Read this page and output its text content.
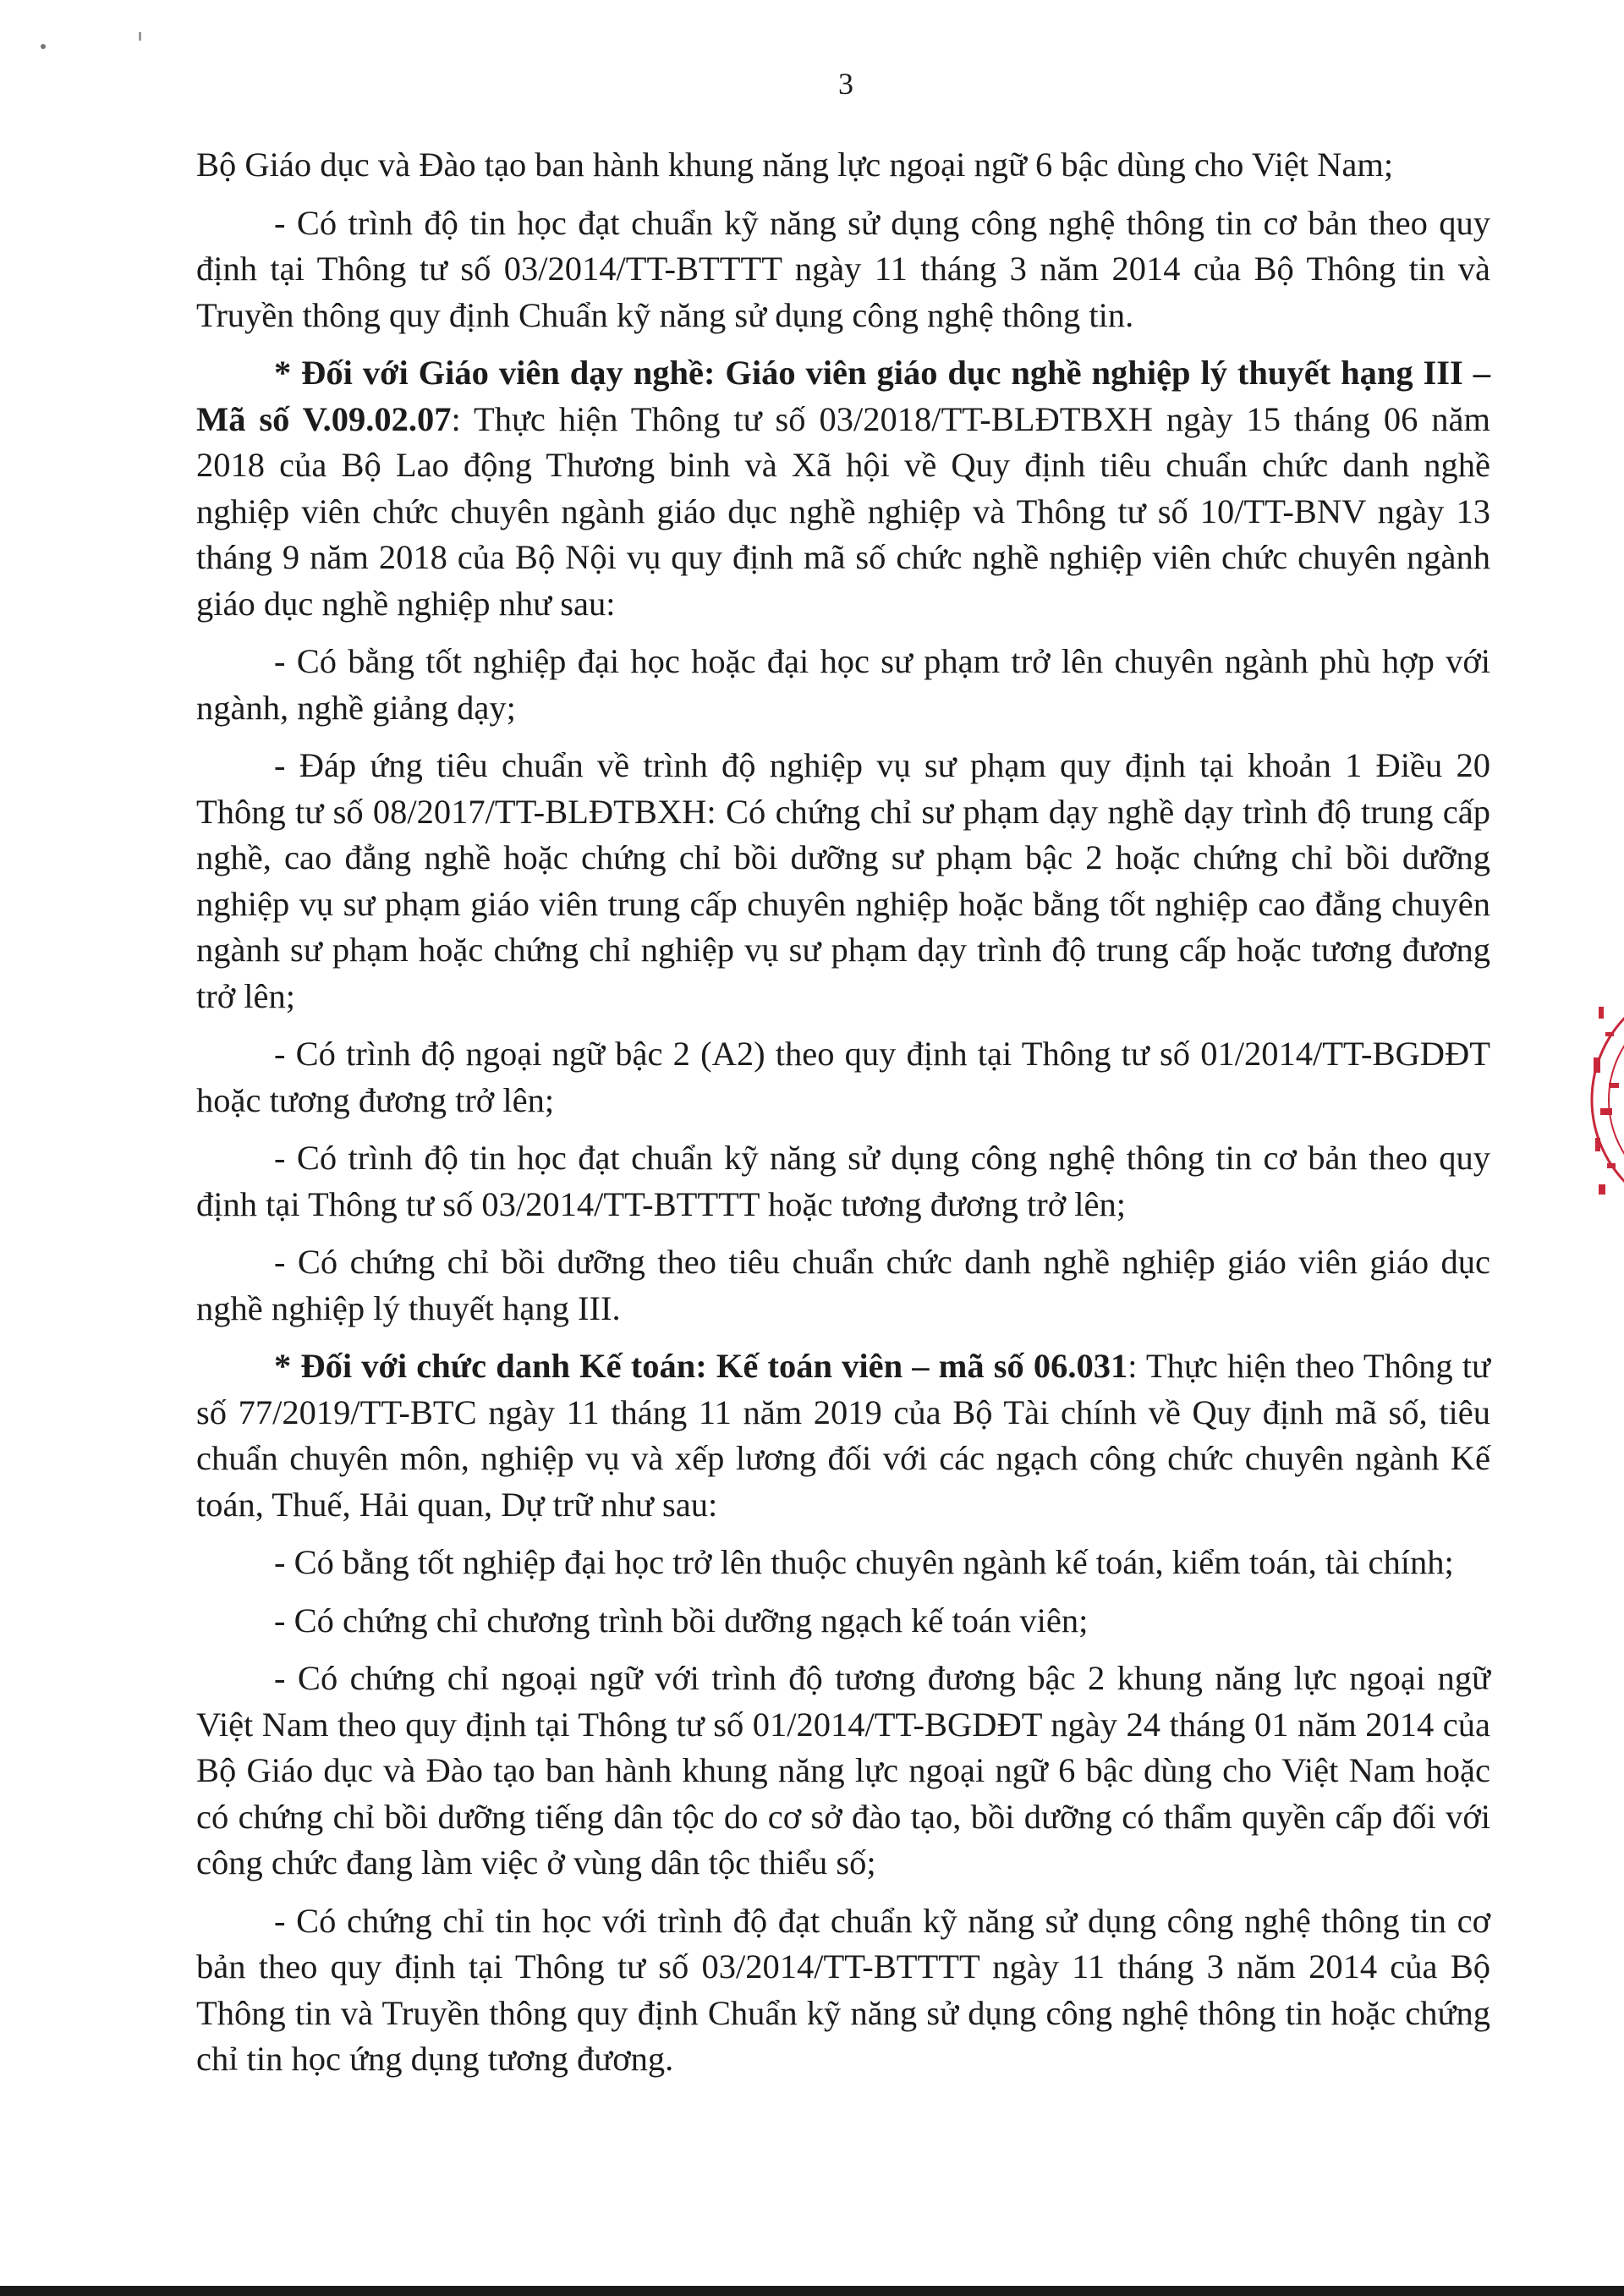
3

Bộ Giáo dục và Đào tạo ban hành khung năng lực ngoại ngữ 6 bậc dùng cho Việt Nam;

- Có trình độ tin học đạt chuẩn kỹ năng sử dụng công nghệ thông tin cơ bản theo quy định tại Thông tư số 03/2014/TT-BTTTT ngày 11 tháng 3 năm 2014 của Bộ Thông tin và Truyền thông quy định Chuẩn kỹ năng sử dụng công nghệ thông tin.

* Đối với Giáo viên dạy nghề: Giáo viên giáo dục nghề nghiệp lý thuyết hạng III – Mã số V.09.02.07: Thực hiện Thông tư số 03/2018/TT-BLĐTBXH ngày 15 tháng 06 năm 2018 của Bộ Lao động Thương binh và Xã hội về Quy định tiêu chuẩn chức danh nghề nghiệp viên chức chuyên ngành giáo dục nghề nghiệp và Thông tư số 10/TT-BNV ngày 13 tháng 9 năm 2018 của Bộ Nội vụ quy định mã số chức nghề nghiệp viên chức chuyên ngành giáo dục nghề nghiệp như sau:

- Có bằng tốt nghiệp đại học hoặc đại học sư phạm trở lên chuyên ngành phù hợp với ngành, nghề giảng dạy;

- Đáp ứng tiêu chuẩn về trình độ nghiệp vụ sư phạm quy định tại khoản 1 Điều 20 Thông tư số 08/2017/TT-BLĐTBXH: Có chứng chỉ sư phạm dạy nghề dạy trình độ trung cấp nghề, cao đẳng nghề hoặc chứng chỉ bồi dưỡng sư phạm bậc 2 hoặc chứng chỉ bồi dưỡng nghiệp vụ sư phạm giáo viên trung cấp chuyên nghiệp hoặc bằng tốt nghiệp cao đẳng chuyên ngành sư phạm hoặc chứng chỉ nghiệp vụ sư phạm dạy trình độ trung cấp hoặc tương đương trở lên;

- Có trình độ ngoại ngữ bậc 2 (A2) theo quy định tại Thông tư số 01/2014/TT-BGDĐT hoặc tương đương trở lên;

- Có trình độ tin học đạt chuẩn kỹ năng sử dụng công nghệ thông tin cơ bản theo quy định tại Thông tư số 03/2014/TT-BTTTT hoặc tương đương trở lên;

- Có chứng chỉ bồi dưỡng theo tiêu chuẩn chức danh nghề nghiệp giáo viên giáo dục nghề nghiệp lý thuyết hạng III.

* Đối với chức danh Kế toán: Kế toán viên – mã số 06.031: Thực hiện theo Thông tư số 77/2019/TT-BTC ngày 11 tháng 11 năm 2019 của Bộ Tài chính về Quy định mã số, tiêu chuẩn chuyên môn, nghiệp vụ và xếp lương đối với các ngạch công chức chuyên ngành Kế toán, Thuế, Hải quan, Dự trữ như sau:

- Có bằng tốt nghiệp đại học trở lên thuộc chuyên ngành kế toán, kiểm toán, tài chính;

- Có chứng chỉ chương trình bồi dưỡng ngạch kế toán viên;

- Có chứng chỉ ngoại ngữ với trình độ tương đương bậc 2 khung năng lực ngoại ngữ Việt Nam theo quy định tại Thông tư số 01/2014/TT-BGDĐT ngày 24 tháng 01 năm 2014 của Bộ Giáo dục và Đào tạo ban hành khung năng lực ngoại ngữ 6 bậc dùng cho Việt Nam hoặc có chứng chỉ bồi dưỡng tiếng dân tộc do cơ sở đào tạo, bồi dưỡng có thẩm quyền cấp đối với công chức đang làm việc ở vùng dân tộc thiểu số;

- Có chứng chỉ tin học với trình độ đạt chuẩn kỹ năng sử dụng công nghệ thông tin cơ bản theo quy định tại Thông tư số 03/2014/TT-BTTTT ngày 11 tháng 3 năm 2014 của Bộ Thông tin và Truyền thông quy định Chuẩn kỹ năng sử dụng công nghệ thông tin hoặc chứng chỉ tin học ứng dụng tương đương.
